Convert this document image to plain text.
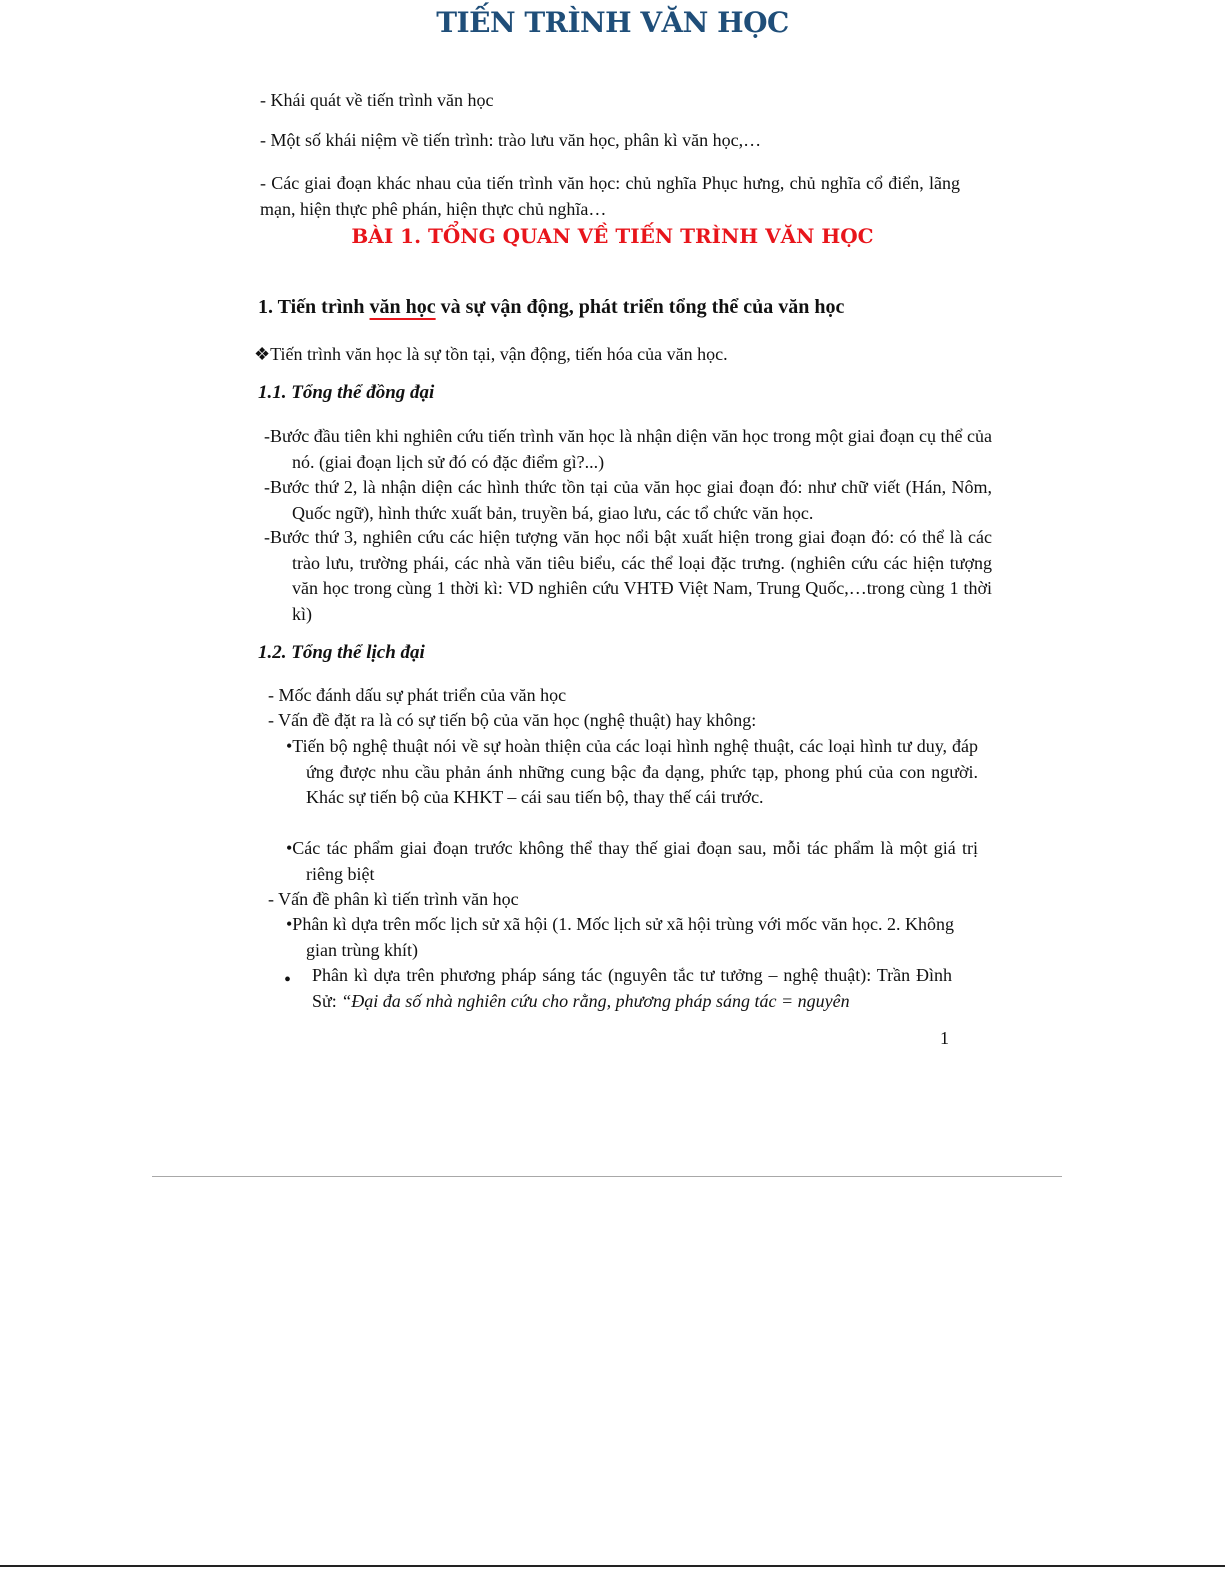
TIẾN TRÌNH VĂN HỌC
- Khái quát về tiến trình văn học
- Một số khái niệm về tiến trình: trào lưu văn học, phân kì văn học,…
- Các giai đoạn khác nhau của tiến trình văn học: chủ nghĩa Phục hưng, chủ nghĩa cổ điển, lãng mạn, hiện thực phê phán, hiện thực chủ nghĩa…
1. Tiến trình văn học và sự vận động, phát triển tổng thể của văn học
❖Tiến trình văn học là sự tồn tại, vận động, tiến hóa của văn học.
1.1. Tổng thể đồng đại
-Bước đầu tiên khi nghiên cứu tiến trình văn học là nhận diện văn học trong một giai đoạn cụ thể của nó. (giai đoạn lịch sử đó có đặc điểm gì?...)
-Bước thứ 2, là nhận diện các hình thức tồn tại của văn học giai đoạn đó: như chữ viết (Hán, Nôm, Quốc ngữ), hình thức xuất bản, truyền bá, giao lưu, các tổ chức văn học.
-Bước thứ 3, nghiên cứu các hiện tượng văn học nổi bật xuất hiện trong giai đoạn đó: có thể là các trào lưu, trường phái, các nhà văn tiêu biểu, các thể loại đặc trưng. (nghiên cứu các hiện tượng văn học trong cùng 1 thời kì: VD nghiên cứu VHTĐ Việt Nam, Trung Quốc,…trong cùng 1 thời kì)
1.2. Tổng thể lịch đại
- Mốc đánh dấu sự phát triển của văn học
- Vấn đề đặt ra là có sự tiến bộ của văn học (nghệ thuật) hay không:
•Tiến bộ nghệ thuật nói về sự hoàn thiện của các loại hình nghệ thuật, các loại hình tư duy, đáp ứng được nhu cầu phản ánh những cung bậc đa dạng, phức tạp, phong phú của con người. Khác sự tiến bộ của KHKT – cái sau tiến bộ, thay thế cái trước.
•Các tác phẩm giai đoạn trước không thể thay thế giai đoạn sau, mỗi tác phẩm là một giá trị riêng biệt
- Vấn đề phân kì tiến trình văn học
•Phân kì dựa trên mốc lịch sử xã hội (1. Mốc lịch sử xã hội trùng với mốc văn học. 2. Không gian trùng khít)
• Phân kì dựa trên phương pháp sáng tác (nguyên tắc tư tưởng – nghệ thuật): Trần Đình Sử: “Đại đa số nhà nghiên cứu cho rằng, phương pháp sáng tác = nguyên
BÀI 1. TỔNG QUAN VỀ TIẾN TRÌNH VĂN HỌC
1
